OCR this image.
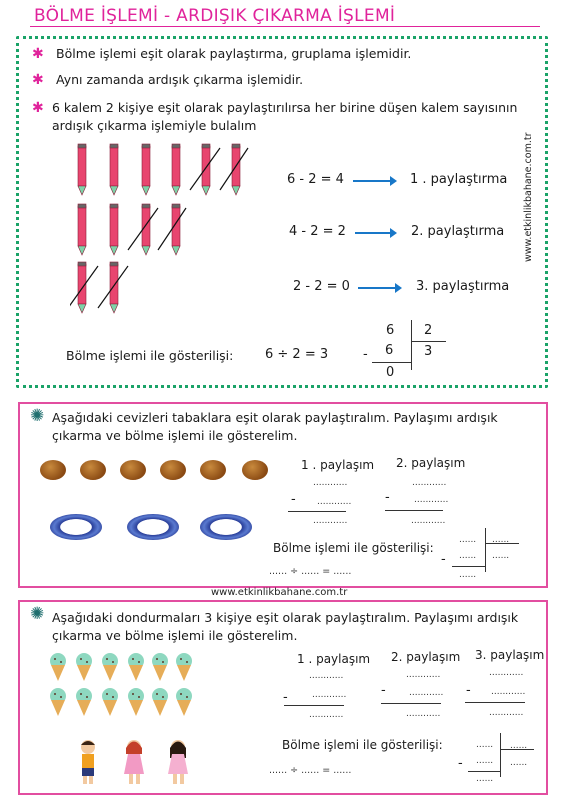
BÖLME İŞLEMİ - ARDIŞIK ÇIKARMA İŞLEMİ
✱ Bölme işlemi eşit olarak paylaştırma, gruplama işlemidir.
✱ Aynı zamanda ardışık çıkarma işlemidir.
✱ 6 kalem 2 kişiye eşit olarak paylaştırılırsa her birine düşen kalem sayısının
ardışık çıkarma işlemiyle bulalım
6 - 2 = 4	1 . paylaştırma
4 - 2 = 2	2. paylaştırma
2 - 2 = 0	3. paylaştırma
Bölme işlemi ile gösterilişi: 6 ÷ 2 = 3
6 2
- 6 3
0
www.etkinlikbahane.com.tr
✺ Aşağıdaki cevizleri tabaklara eşit olarak paylaştıralım. Paylaşımı ardışık
çıkarma ve bölme işlemi ile gösterelim.
1 . paylaşım 2. paylaşım
............	............
- ............	-	............
............	............
Bölme işlemi ile gösterilişi:
...... ÷ ...... = ......
...... ......
- ...... ......
......
www.etkinlikbahane.com.tr
✺ Aşağıdaki dondurmaları 3 kişiye eşit olarak paylaştıralım. Paylaşımı ardışık
çıkarma ve bölme işlemi ile gösterelim.
1 . paylaşım 2. paylaşım 3. paylaşım
............	............	............
-	............	-	............ - ............
............	............	............
Bölme işlemi ile gösterilişi:
...... ÷ ...... = ......
...... ......
- ...... ......
......
